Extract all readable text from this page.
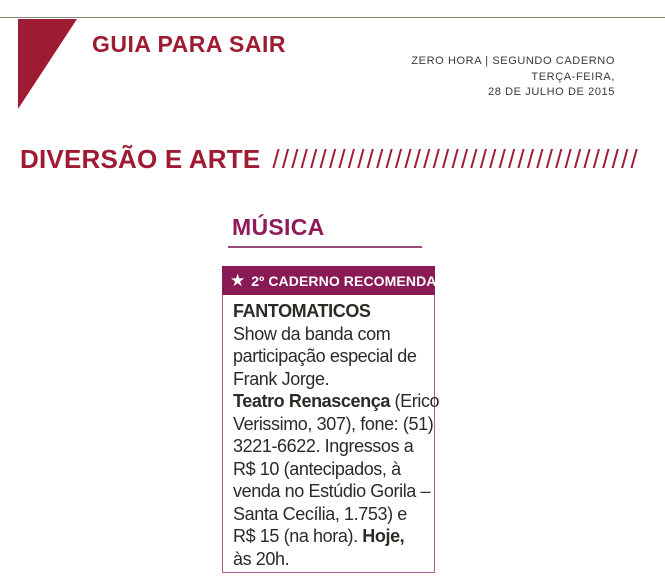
GUIA PARA SAIR
ZERO HORA | SEGUNDO CADERNO
TERÇA-FEIRA,
28 DE JULHO DE 2015
DIVERSÃO E ARTE ///////////////////////////////////////
MÚSICA
★ 2º CADERNO RECOMENDA
FANTOMATICOS
Show da banda com
participação especial de
Frank Jorge.
Teatro Renascença (Erico
Verissimo, 307), fone: (51)
3221-6622. Ingressos a
R$ 10 (antecipados, à
venda no Estúdio Gorila –
Santa Cecília, 1.753) e
R$ 15 (na hora). Hoje,
às 20h.
